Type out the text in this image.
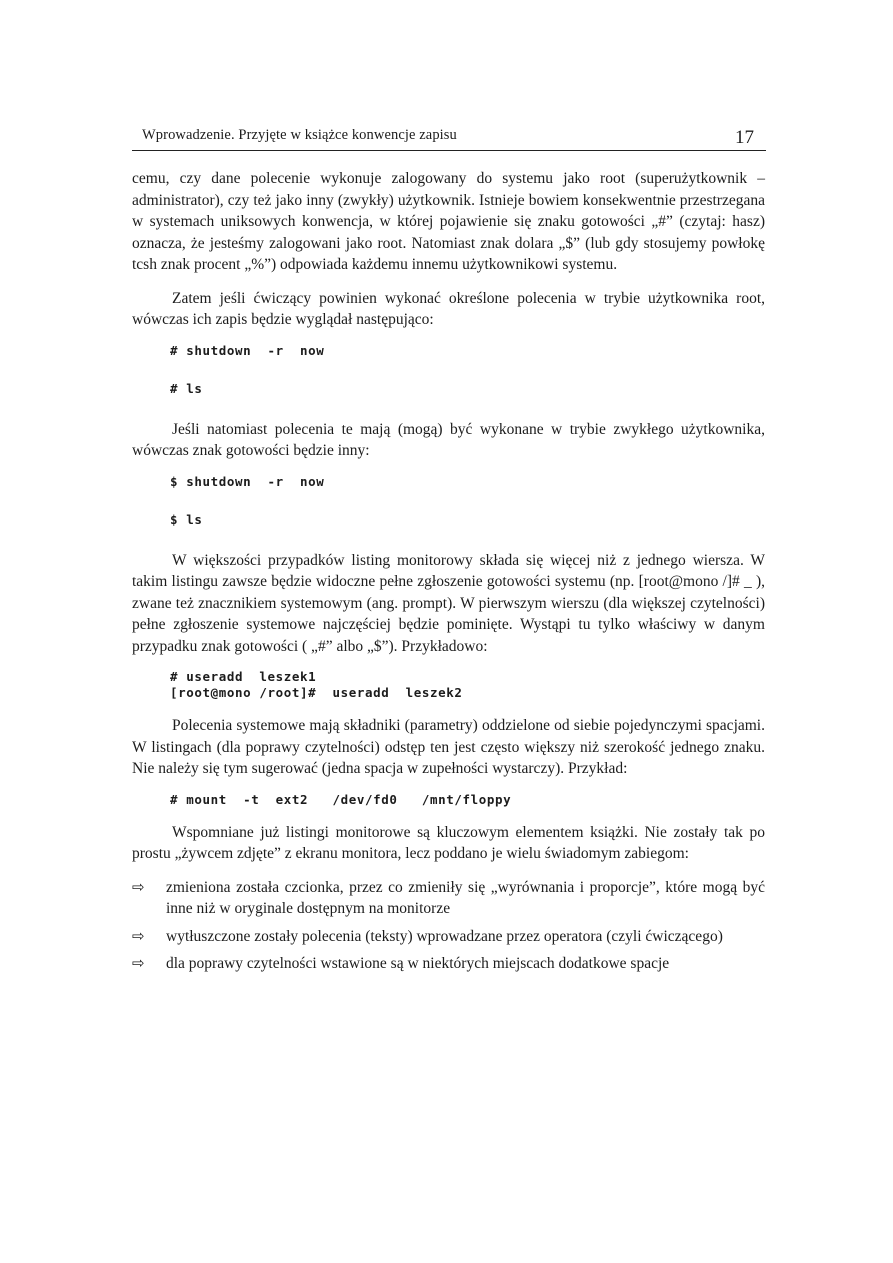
Wprowadzenie. Przyjęte w książce konwencje zapisu	17

cemu, czy dane polecenie wykonuje zalogowany do systemu jako root (superużytkownik – administrator), czy też jako inny (zwykły) użytkownik. Istnieje bowiem konsekwentnie przestrzegana w systemach uniksowych konwencja, w której pojawienie się znaku gotowości „#” (czytaj: hasz) oznacza, że jesteśmy zalogowani jako root. Natomiast znak dolara „$” (lub gdy stosujemy powłokę tcsh znak procent „%”) odpowiada każdemu innemu użytkownikowi systemu.

Zatem jeśli ćwiczący powinien wykonać określone polecenia w trybie użytkownika root, wówczas ich zapis będzie wyglądał następująco:

# shutdown  -r  now
# ls

Jeśli natomiast polecenia te mają (mogą) być wykonane w trybie zwykłego użytkownika, wówczas znak gotowości będzie inny:

$ shutdown  -r  now
$ ls

W większości przypadków listing monitorowy składa się więcej niż z jednego wiersza. W takim listingu zawsze będzie widoczne pełne zgłoszenie gotowości systemu (np. [root@mono /]# _ ), zwane też znacznikiem systemowym (ang. prompt). W pierwszym wierszu (dla większej czytelności) pełne zgłoszenie systemowe najczęściej będzie pominięte. Wystąpi tu tylko właściwy w danym przypadku znak gotowości ( „#” albo „$”). Przykładowo:

# useradd  leszek1
[root@mono /root]#  useradd  leszek2

Polecenia systemowe mają składniki (parametry) oddzielone od siebie pojedynczymi spacjami. W listingach (dla poprawy czytelności) odstęp ten jest często większy niż szerokość jednego znaku. Nie należy się tym sugerować (jedna spacja w zupełności wystarczy). Przykład:

# mount  -t  ext2   /dev/fd0   /mnt/floppy

Wspomniane już listingi monitorowe są kluczowym elementem książki. Nie zostały tak po prostu „żywcem zdjęte” z ekranu monitora, lecz poddano je wielu świadomym zabiegom:

⇨ zmieniona została czcionka, przez co zmieniły się „wyrównania i proporcje”, które mogą być inne niż w oryginale dostępnym na monitorze
⇨ wytłuszczone zostały polecenia (teksty) wprowadzane przez operatora (czyli ćwiczącego)
⇨ dla poprawy czytelności wstawione są w niektórych miejscach dodatkowe spacje
